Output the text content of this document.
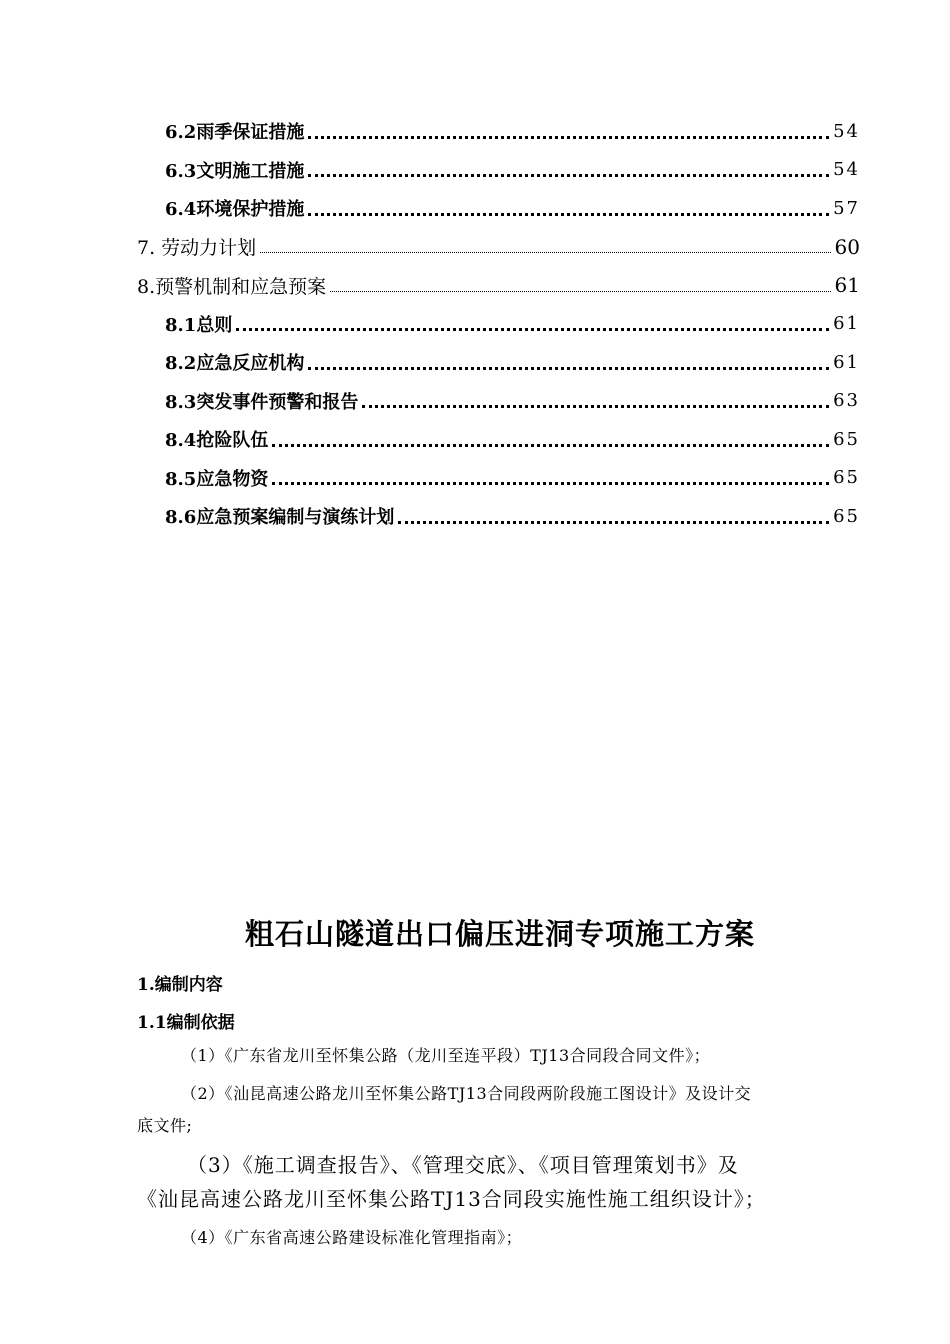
6.2雨季保证措施	54
6.3文明施工措施	54
6.4环境保护措施	57
7. 劳动力计划	60
8.预警机制和应急预案	61
8.1总则	61
8.2应急反应机构	61
8.3突发事件预警和报告	63
8.4抢险队伍	65
8.5应急物资	65
8.6应急预案编制与演练计划	65
粗石山隧道出口偏压进洞专项施工方案
1.编制内容
1.1编制依据
（1）《广东省龙川至怀集公路（龙川至连平段）TJ13合同段合同文件》；
（2）《汕昆高速公路龙川至怀集公路TJ13合同段两阶段施工图设计》及设计交
底文件;
（3）《施工调查报告》、《管理交底》、《项目管理策划书》及
《汕昆高速公路龙川至怀集公路TJ13合同段实施性施工组织设计》；
（4）《广东省高速公路建设标准化管理指南》；
